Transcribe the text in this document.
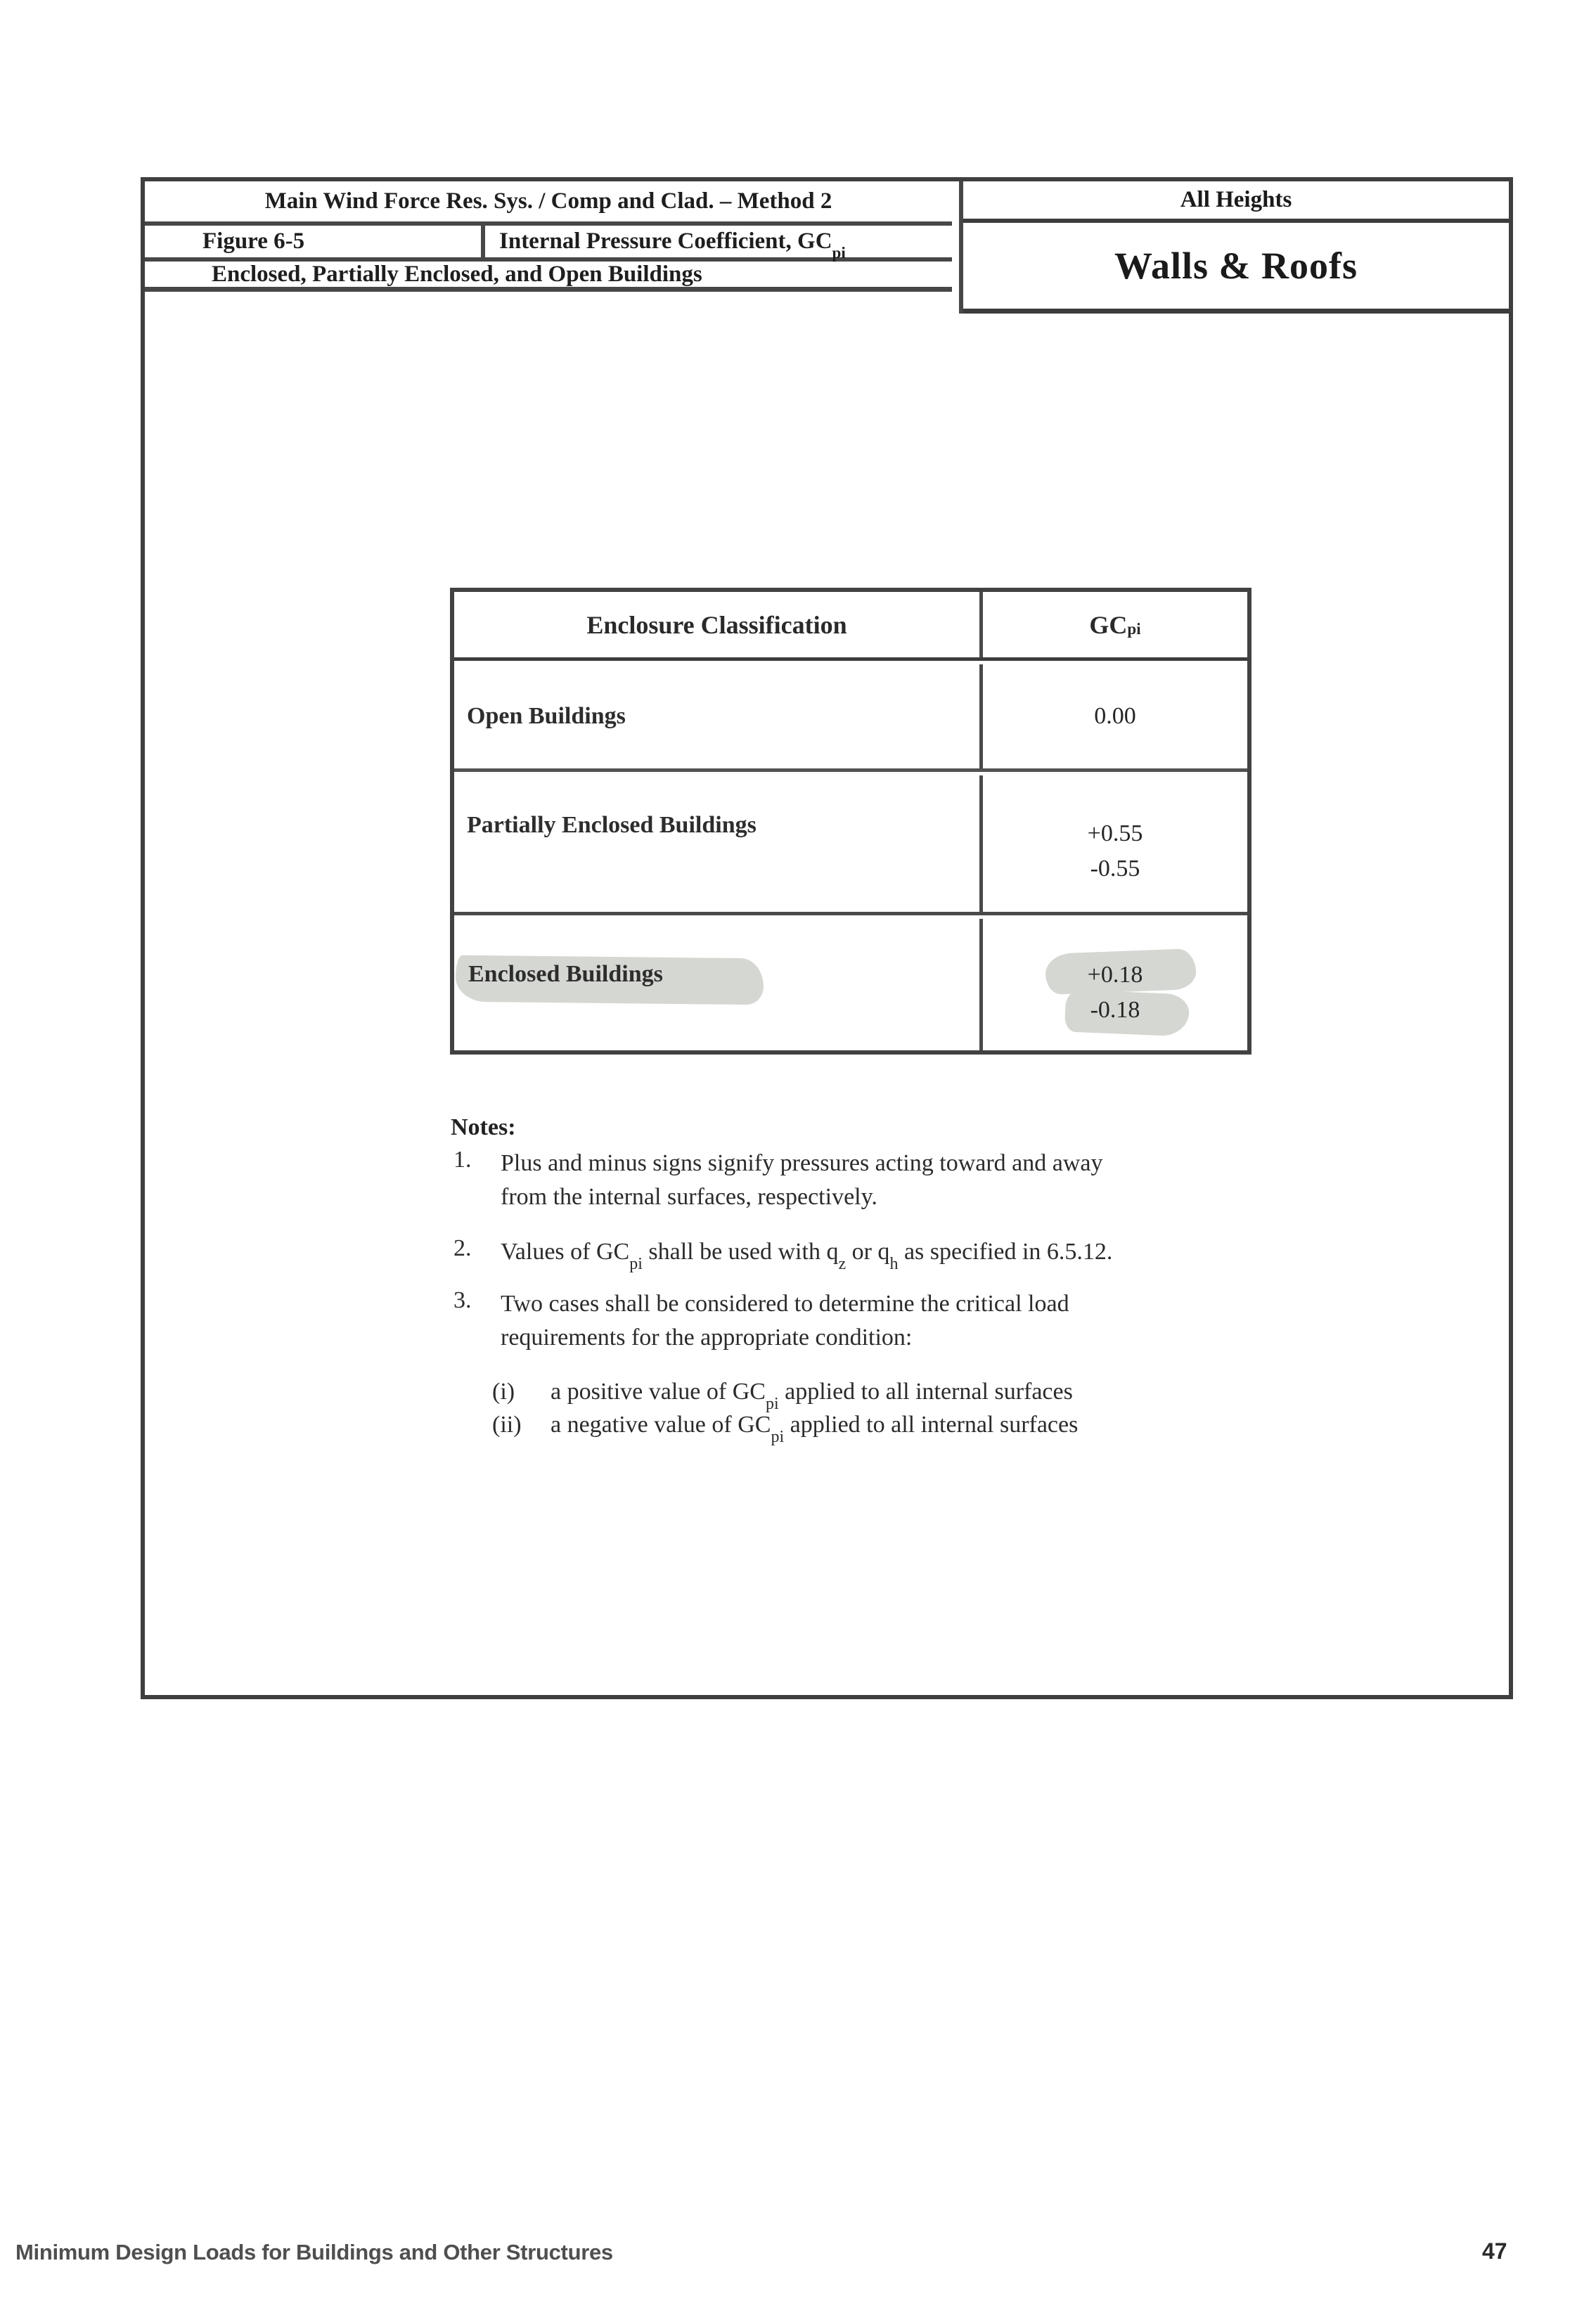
Main Wind Force Res. Sys. / Comp and Clad. – Method 2
Figure 6-5	Internal Pressure Coefficient, $GC_{pi}$
Enclosed, Partially Enclosed, and Open Buildings
All Heights
Walls & Roofs
Enclosure Classification	$GC_{pi}$
Open Buildings	0.00
Partially Enclosed Buildings	+0.55
-0.55
Enclosed Buildings	+0.18
-0.18
Notes:
1.	Plus and minus signs signify pressures acting toward and away
from the internal surfaces, respectively.
2.	Values of $GC_{pi}$ shall be used with $q_z$ or $q_h$ as specified in 6.5.12.
3.	Two cases shall be considered to determine the critical load
requirements for the appropriate condition:
(i)	a positive value of $GC_{pi}$ applied to all internal surfaces
(ii)	a negative value of $GC_{pi}$ applied to all internal surfaces
Minimum Design Loads for Buildings and Other Structures	47
